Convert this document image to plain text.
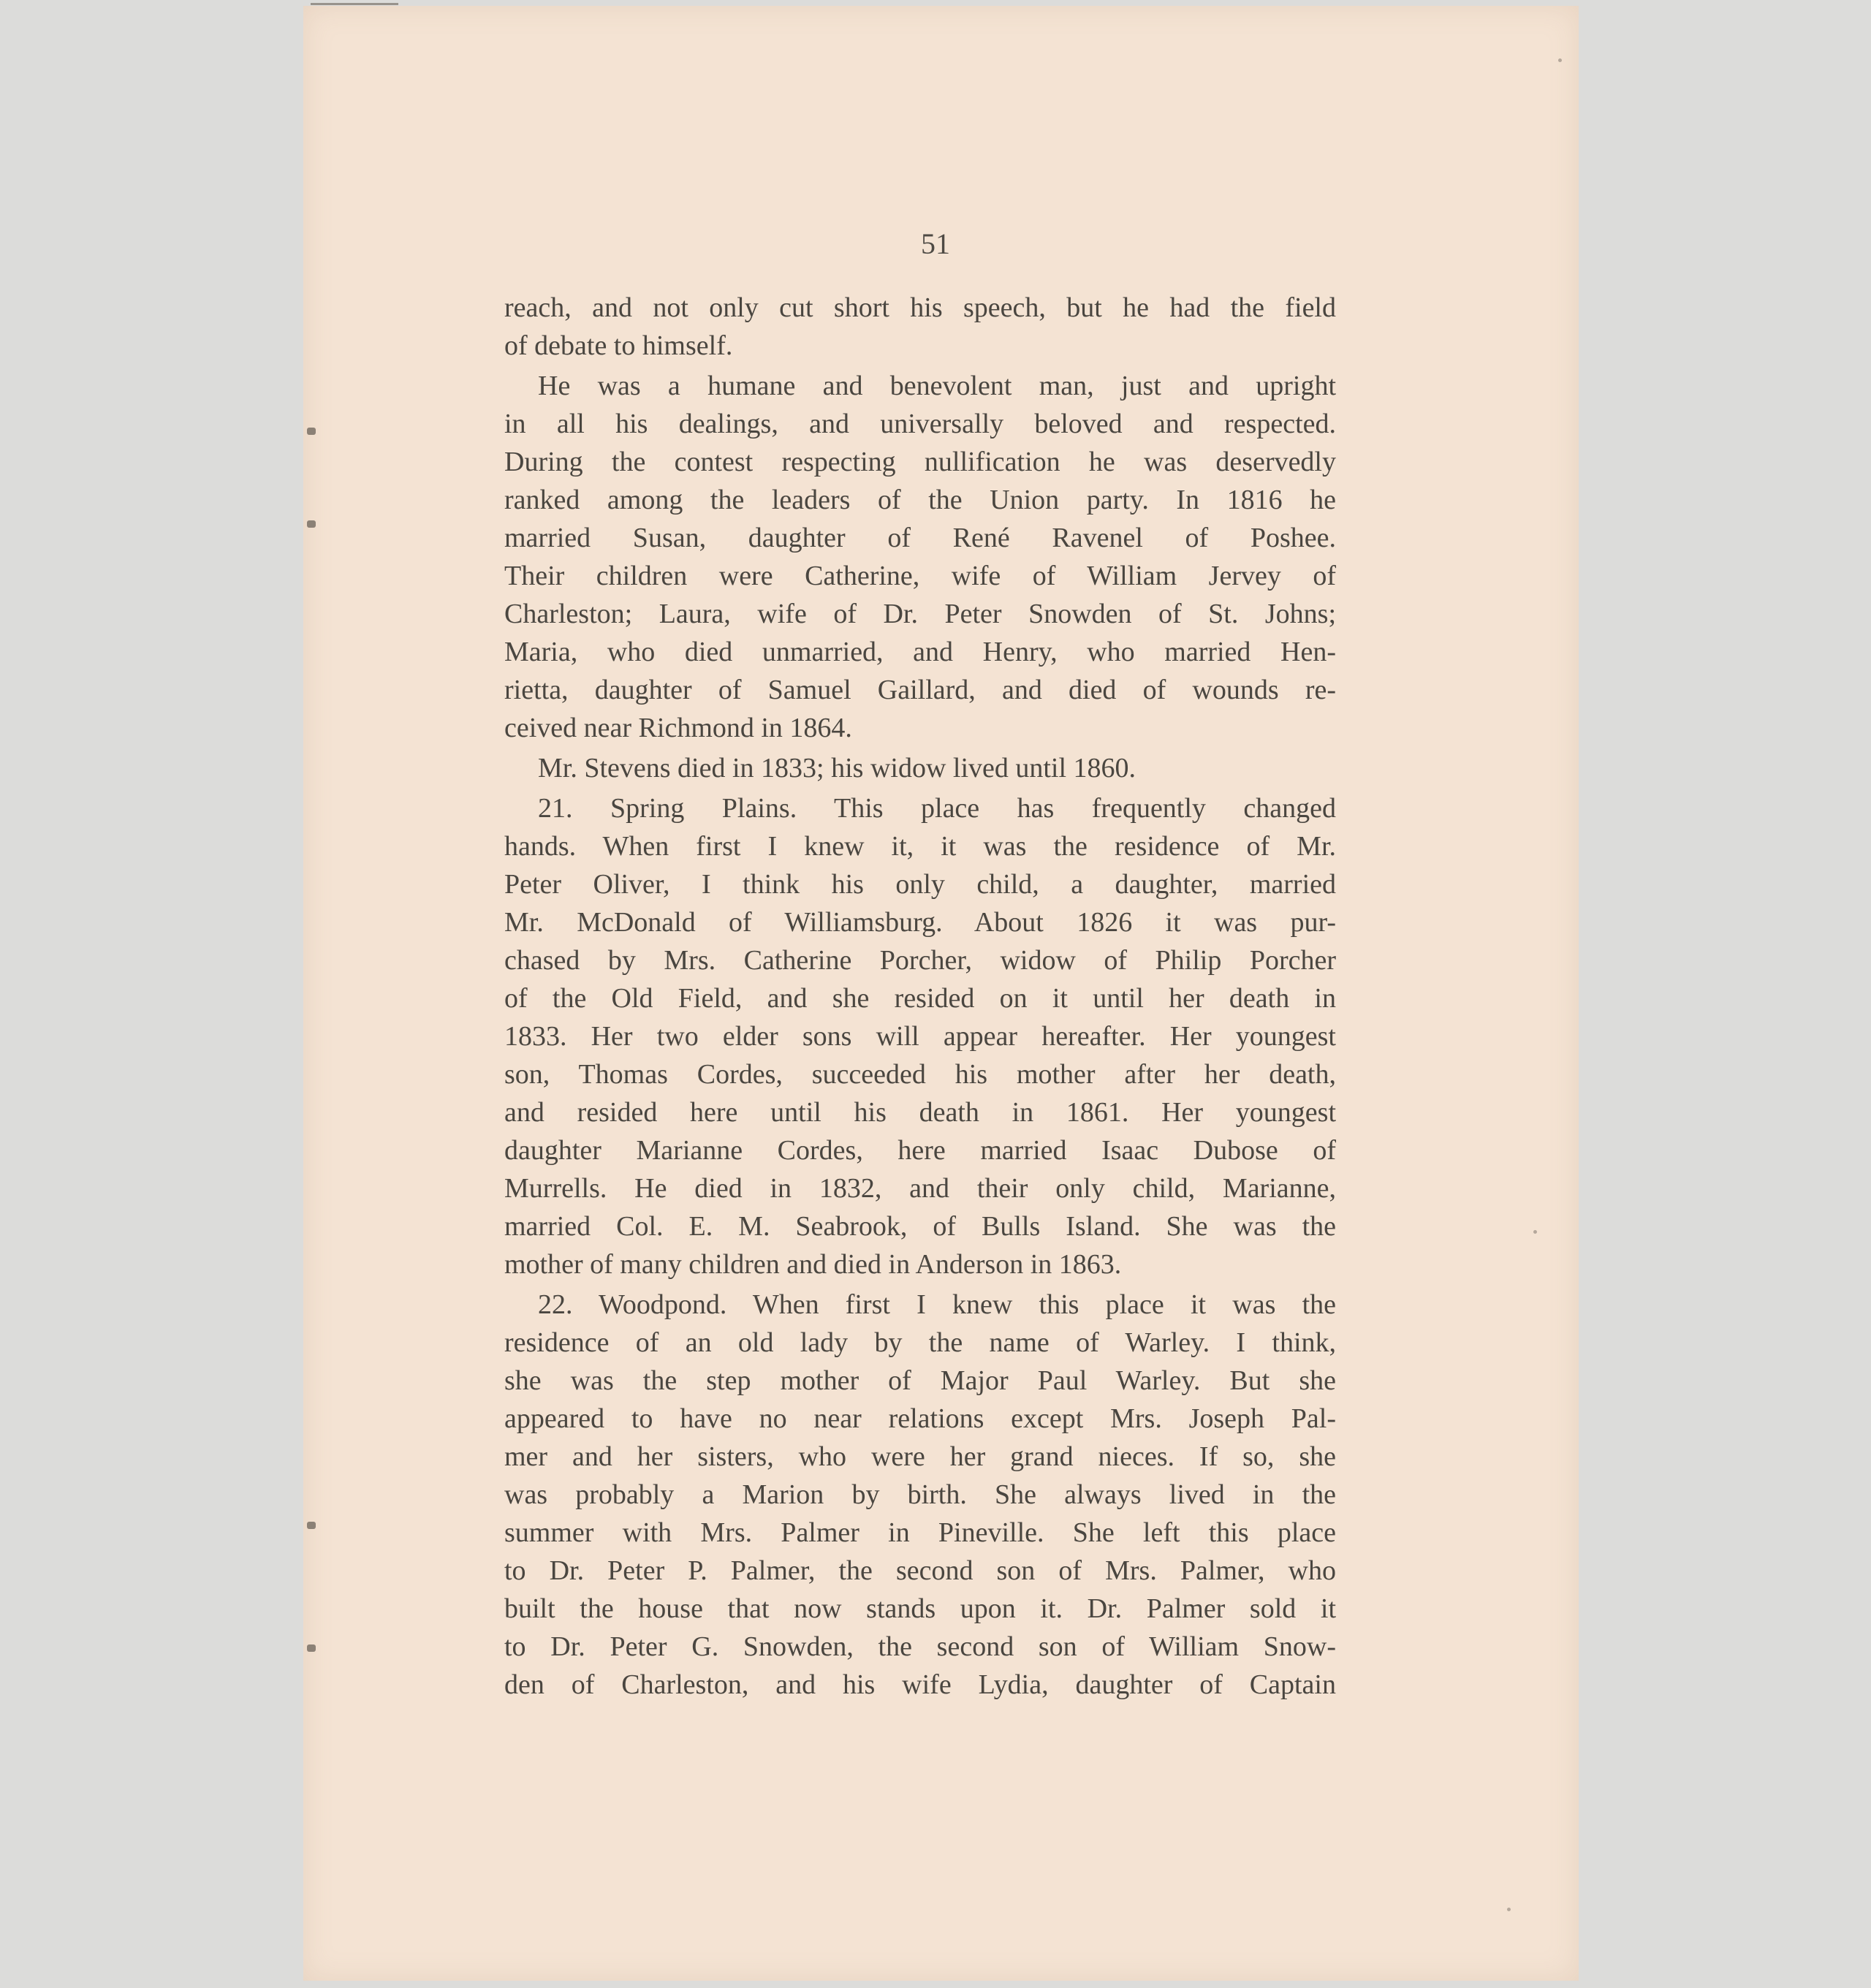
51

reach, and not only cut short his speech, but he had the field
of debate to himself.

He was a humane and benevolent man, just and upright
in all his dealings, and universally beloved and respected.
During the contest respecting nullification he was deservedly
ranked among the leaders of the Union party. In 1816 he
married Susan, daughter of René Ravenel of Poshee.
Their children were Catherine, wife of William Jervey of
Charleston; Laura, wife of Dr. Peter Snowden of St. Johns;
Maria, who died unmarried, and Henry, who married Hen-
rietta, daughter of Samuel Gaillard, and died of wounds re-
ceived near Richmond in 1864.

Mr. Stevens died in 1833; his widow lived until 1860.

21. Spring Plains. This place has frequently changed
hands. When first I knew it, it was the residence of Mr.
Peter Oliver, I think his only child, a daughter, married
Mr. McDonald of Williamsburg. About 1826 it was pur-
chased by Mrs. Catherine Porcher, widow of Philip Porcher
of the Old Field, and she resided on it until her death in
1833. Her two elder sons will appear hereafter. Her youngest
son, Thomas Cordes, succeeded his mother after her death,
and resided here until his death in 1861. Her youngest
daughter Marianne Cordes, here married Isaac Dubose of
Murrells. He died in 1832, and their only child, Marianne,
married Col. E. M. Seabrook, of Bulls Island. She was the
mother of many children and died in Anderson in 1863.

22. Woodpond. When first I knew this place it was the
residence of an old lady by the name of Warley. I think,
she was the step mother of Major Paul Warley. But she
appeared to have no near relations except Mrs. Joseph Pal-
mer and her sisters, who were her grand nieces. If so, she
was probably a Marion by birth. She always lived in the
summer with Mrs. Palmer in Pineville. She left this place
to Dr. Peter P. Palmer, the second son of Mrs. Palmer, who
built the house that now stands upon it. Dr. Palmer sold it
to Dr. Peter G. Snowden, the second son of William Snow-
den of Charleston, and his wife Lydia, daughter of Captain
